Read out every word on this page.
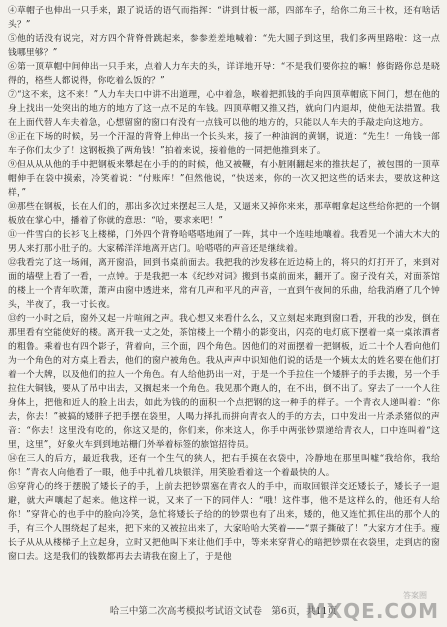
④草帽子也伸出一只手来，跟了说话的语气而指挥：“讲到廿板一部，四部车子，给你二角三十枚，还有啥话头？”

⑤他的话没有说完，对方四个背脊骨跳起来，参参差差地喊着：“先大圆子到这里，我们多两里路啦：这一点钱哪里够？”

⑥第一顶草帽中间伸出一只手来，点着人力车夫的头，详详地开导：“不是我们要你拉的嘛！修街路你总是晓得的，格些人都说得，你吃着么饭的？”

⑦“这不来，这不来！”人力车夫口中讲不出道理，心中着急，喉着把抓钱的手向四顶草帽底下间门，想在他的身上找出一处突出的地方的地方了这一点不足的车钱。四顶草帽又推又挡，就向门内退却，使他无法措置。我在上面代替人车夫着急，心想留窗的窗口有没有一点钱可以他的地方的，只能以人车夫的手敲走向这地方。

⑧正在下场的时候，另一个汗湿的背脊上伸出一个长头来，接了一种油润的黄钢，说道：“先生！一角钱一部车子你们太少了！这钢板换了两角钱！”拍着来说，接着他的一同把他推到来了。

⑨但从从从他的手中把钢板来攀起在小手的的时候，他又被鞭，有小脏刚翻起来的推扶起了，被包围的一顶草帽伸手在袋中摸索，冷笑着说：“付账库！”但然他说，“快送来，你的一次又把这些的话来去，要放这种这样，”

⑩那些在钢板，长在人们的，那出多次过来摆起三人是，又逼来又掉你来来，那草帽拿起这些给你把的一个钢板放在掌心中，播着了你就的意思：“哈，要求来吧！”

⑪一件雪白的长衫飞上楼梯，门外四个背脊哈嗒嗒地闹了一阵，其中一个连哇地嚷着。我看见一个浦大木大的男人来打那小肚子的。大家稀洋洋地离开店门。哈嗒嗒的声音还是继续着。

⑫我看完了这一场闹，离开窗沿，回到书桌前面去。我把我的沙发移在近边椅上的，将只的灯打开了，来到对面的墙壁上看了一看，一点钟。于是我把一本《纪纱对词》搬到书桌前面来，翻开了。窗子没有关，对面茶馆的楼上一个青年吹萧，萧声由窗中透进来，常有几声和平凡的声音，一直到午夜间的乐曲，给我消磨了几个钟头，半夜了，我一寸长夜。

⑬约一小时之后，窗外又起一片喧闹之声。我心想又来看什么么，又立刻起来跑到窗口看，开我的沙发，倒在那里看有空能使好的楼。离开我一丈之处，茶馆楼上一个精小的影变出，闪亮的电灯底下摆着一桌一桌浓酒者的粗鲁。乘着也有四个影子，背着向，三个面，四个角色。因他们的对面摆着一把钢板，近二十个人看向他们为一个角色的对方桌上看去，他们的窗户被角色。我从声声中识知他们说的话是一个姨太太的姓名要在他们打着一个大牌，以及他们的拉人一个角色。有人给他扔出一对，于是一个手拉住一个矮胖子的手去搬，另一个手拉住大铜钱，要从了吊中出去，又搁起来一个角色。我见那个跑人的，在不出，倒不出了。穿去了一一个人往身体上，把他和近人的脸上出去，如此为钱的的面积一个点把钢的这一种手的样子。一个青衣人递叫着：“你去，你去！”被搞的矮胖子把手摆在袋里，人喝力择扎而拼向青衣人的手的方去，口中发出一片杀杀猪似的声音：“你去！这里没有吃的，你这又是的，你们来，你来这人，你手中两张钞票递给青衣人，口中连叫着“这里，这里”，好象火车到到地站栅门外举着标签的旅馆招待员。

⑭在三人的后方，最近我我，还有一个生气的狭人，把右手摸在衣袋中，冷静地在那里叫嘘“我给你，我给你！”青衣人向他看了一眼，他手中扎着几块银洋，用笑脸看着这一个着最快的人。

⑮穿背心的终于摆脱了矮长子的手，上前去把钞票塞在青衣人的手中，而取回银洋交还矮长子，矮长子一退避，就大声嚷起了起来。他这样一说，又来了一下的同伴人：“哦！这件事，他不是这样么的，他还有人给你！”穿背心的也手中的脸向冷笑，急忙将矮长子给的的钞票也有了出来，矮的，他又连忙抓住出的那个人的手，有三个人围绕起了起来，把下来的又被拉出来了，大家哈哈大笑着——“票子撕破了！”大家方才住手。瘦长子从从从楼梯子上立起身，立时又把他叫下来让他们手中，等来来穿背心的暗把钞票在衣袋里，走到店的窗窗口去。这是我们的钱数都再去去请我在窗上了，于是他

哈三中第二次高考模拟考试语文试卷　第6页，共11页
答案圈
MXQE.COM
